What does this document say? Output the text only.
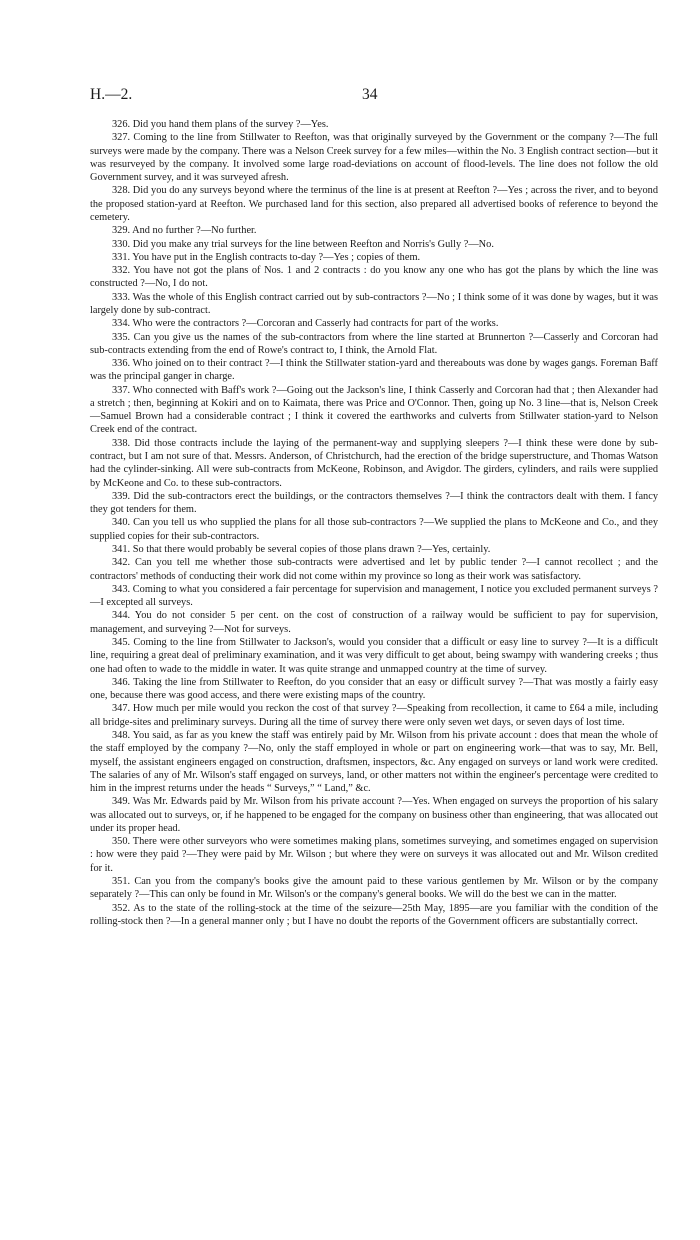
H.—2.	34

326. Did you hand them plans of the survey ?—Yes.

327. Coming to the line from Stillwater to Reefton, was that originally surveyed by the Government or the company ?—The full surveys were made by the company. There was a Nelson Creek survey for a few miles—within the No. 3 English contract section—but it was resurveyed by the company. It involved some large road-deviations on account of flood-levels. The line does not follow the old Government survey, and it was surveyed afresh.

328. Did you do any surveys beyond where the terminus of the line is at present at Reefton ?—Yes ; across the river, and to beyond the proposed station-yard at Reefton. We purchased land for this section, also prepared all advertised books of reference to beyond the cemetery.

329. And no further ?—No further.

330. Did you make any trial surveys for the line between Reefton and Norris's Gully ?—No.

331. You have put in the English contracts to-day ?—Yes ; copies of them.

332. You have not got the plans of Nos. 1 and 2 contracts : do you know any one who has got the plans by which the line was constructed ?—No, I do not.

333. Was the whole of this English contract carried out by sub-contractors ?—No ; I think some of it was done by wages, but it was largely done by sub-contract.

334. Who were the contractors ?—Corcoran and Casserly had contracts for part of the works.

335. Can you give us the names of the sub-contractors from where the line started at Brunnerton ?—Casserly and Corcoran had sub-contracts extending from the end of Rowe's contract to, I think, the Arnold Flat.

336. Who joined on to their contract ?—I think the Stillwater station-yard and thereabouts was done by wages gangs. Foreman Baff was the principal ganger in charge.

337. Who connected with Baff's work ?—Going out the Jackson's line, I think Casserly and Corcoran had that ; then Alexander had a stretch ; then, beginning at Kokiri and on to Kaimata, there was Price and O'Connor. Then, going up No. 3 line—that is, Nelson Creek—Samuel Brown had a considerable contract ; I think it covered the earthworks and culverts from Stillwater station-yard to Nelson Creek end of the contract.

338. Did those contracts include the laying of the permanent-way and supplying sleepers ?—I think these were done by sub-contract, but I am not sure of that. Messrs. Anderson, of Christchurch, had the erection of the bridge superstructure, and Thomas Watson had the cylinder-sinking. All were sub-contracts from McKeone, Robinson, and Avigdor. The girders, cylinders, and rails were supplied by McKeone and Co. to these sub-contractors.

339. Did the sub-contractors erect the buildings, or the contractors themselves ?—I think the contractors dealt with them. I fancy they got tenders for them.

340. Can you tell us who supplied the plans for all those sub-contractors ?—We supplied the plans to McKeone and Co., and they supplied copies for their sub-contractors.

341. So that there would probably be several copies of those plans drawn ?—Yes, certainly.

342. Can you tell me whether those sub-contracts were advertised and let by public tender ?—I cannot recollect ; and the contractors' methods of conducting their work did not come within my province so long as their work was satisfactory.

343. Coming to what you considered a fair percentage for supervision and management, I notice you excluded permanent surveys ?—I excepted all surveys.

344. You do not consider 5 per cent. on the cost of construction of a railway would be sufficient to pay for supervision, management, and surveying ?—Not for surveys.

345. Coming to the line from Stillwater to Jackson's, would you consider that a difficult or easy line to survey ?—It is a difficult line, requiring a great deal of preliminary examination, and it was very difficult to get about, being swampy with wandering creeks ; thus one had often to wade to the middle in water. It was quite strange and unmapped country at the time of survey.

346. Taking the line from Stillwater to Reefton, do you consider that an easy or difficult survey ?—That was mostly a fairly easy one, because there was good access, and there were existing maps of the country.

347. How much per mile would you reckon the cost of that survey ?—Speaking from recollection, it came to £64 a mile, including all bridge-sites and preliminary surveys. During all the time of survey there were only seven wet days, or seven days of lost time.

348. You said, as far as you knew the staff was entirely paid by Mr. Wilson from his private account : does that mean the whole of the staff employed by the company ?—No, only the staff employed in whole or part on engineering work—that was to say, Mr. Bell, myself, the assistant engineers engaged on construction, draftsmen, inspectors, &c. Any engaged on surveys or land work were credited. The salaries of any of Mr. Wilson's staff engaged on surveys, land, or other matters not within the engineer's percentage were credited to him in the imprest returns under the heads “ Surveys,” “ Land,” &c.

349. Was Mr. Edwards paid by Mr. Wilson from his private account ?—Yes. When engaged on surveys the proportion of his salary was allocated out to surveys, or, if he happened to be engaged for the company on business other than engineering, that was allocated out under its proper head.

350. There were other surveyors who were sometimes making plans, sometimes surveying, and sometimes engaged on supervision : how were they paid ?—They were paid by Mr. Wilson ; but where they were on surveys it was allocated out and Mr. Wilson credited for it.

351. Can you from the company's books give the amount paid to these various gentlemen by Mr. Wilson or by the company separately ?—This can only be found in Mr. Wilson's or the company's general books. We will do the best we can in the matter.

352. As to the state of the rolling-stock at the time of the seizure—25th May, 1895—are you familiar with the condition of the rolling-stock then ?—In a general manner only ; but I have no doubt the reports of the Government officers are substantially correct.
